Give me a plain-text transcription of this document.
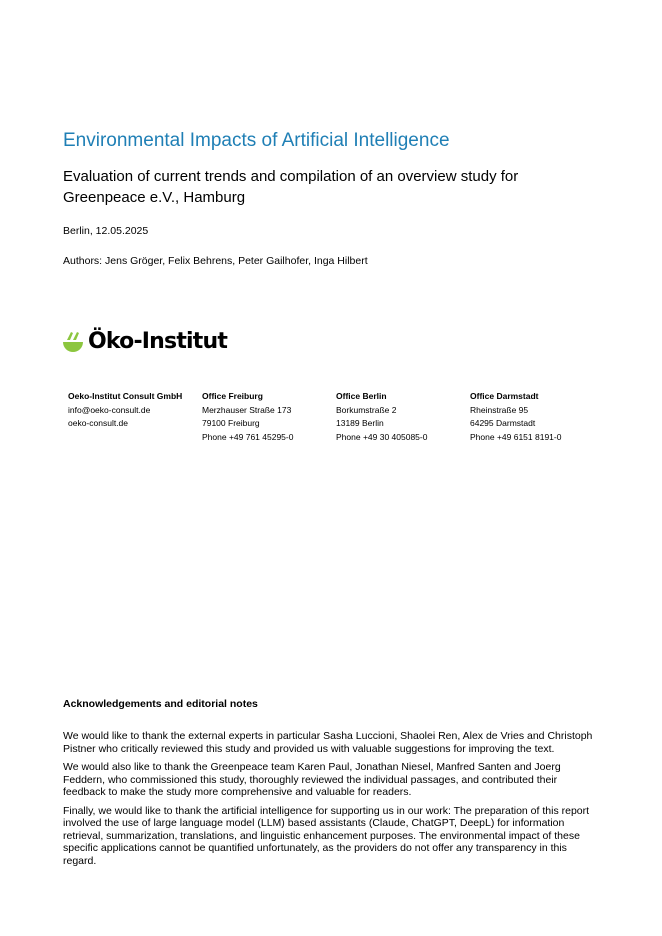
Environmental Impacts of Artificial Intelligence
Evaluation of current trends and compilation of an overview study for Greenpeace e.V., Hamburg
Berlin, 12.05.2025
Authors: Jens Gröger, Felix Behrens, Peter Gailhofer, Inga Hilbert
Öko-Institut
Oeko-Institut Consult GmbH
info@oeko-consult.de
oeko-consult.de
Office Freiburg
Merzhauser Straße 173
79100 Freiburg
Phone +49 761 45295-0
Office Berlin
Borkumstraße 2
13189 Berlin
Phone +49 30 405085-0
Office Darmstadt
Rheinstraße 95
64295 Darmstadt
Phone +49 6151 8191-0
Acknowledgements and editorial notes

We would like to thank the external experts in particular Sasha Luccioni, Shaolei Ren, Alex de Vries and Christoph Pistner who critically reviewed this study and provided us with valuable suggestions for improving the text.

We would also like to thank the Greenpeace team Karen Paul, Jonathan Niesel, Manfred Santen and Joerg Feddern, who commissioned this study, thoroughly reviewed the individual passages, and contributed their feedback to make the study more comprehensive and valuable for readers.

Finally, we would like to thank the artificial intelligence for supporting us in our work: The preparation of this report involved the use of large language model (LLM) based assistants (Claude, ChatGPT, DeepL) for information retrieval, summarization, translations, and linguistic enhancement purposes. The environmental impact of these specific applications cannot be quantified unfortunately, as the providers do not offer any transparency in this regard.
